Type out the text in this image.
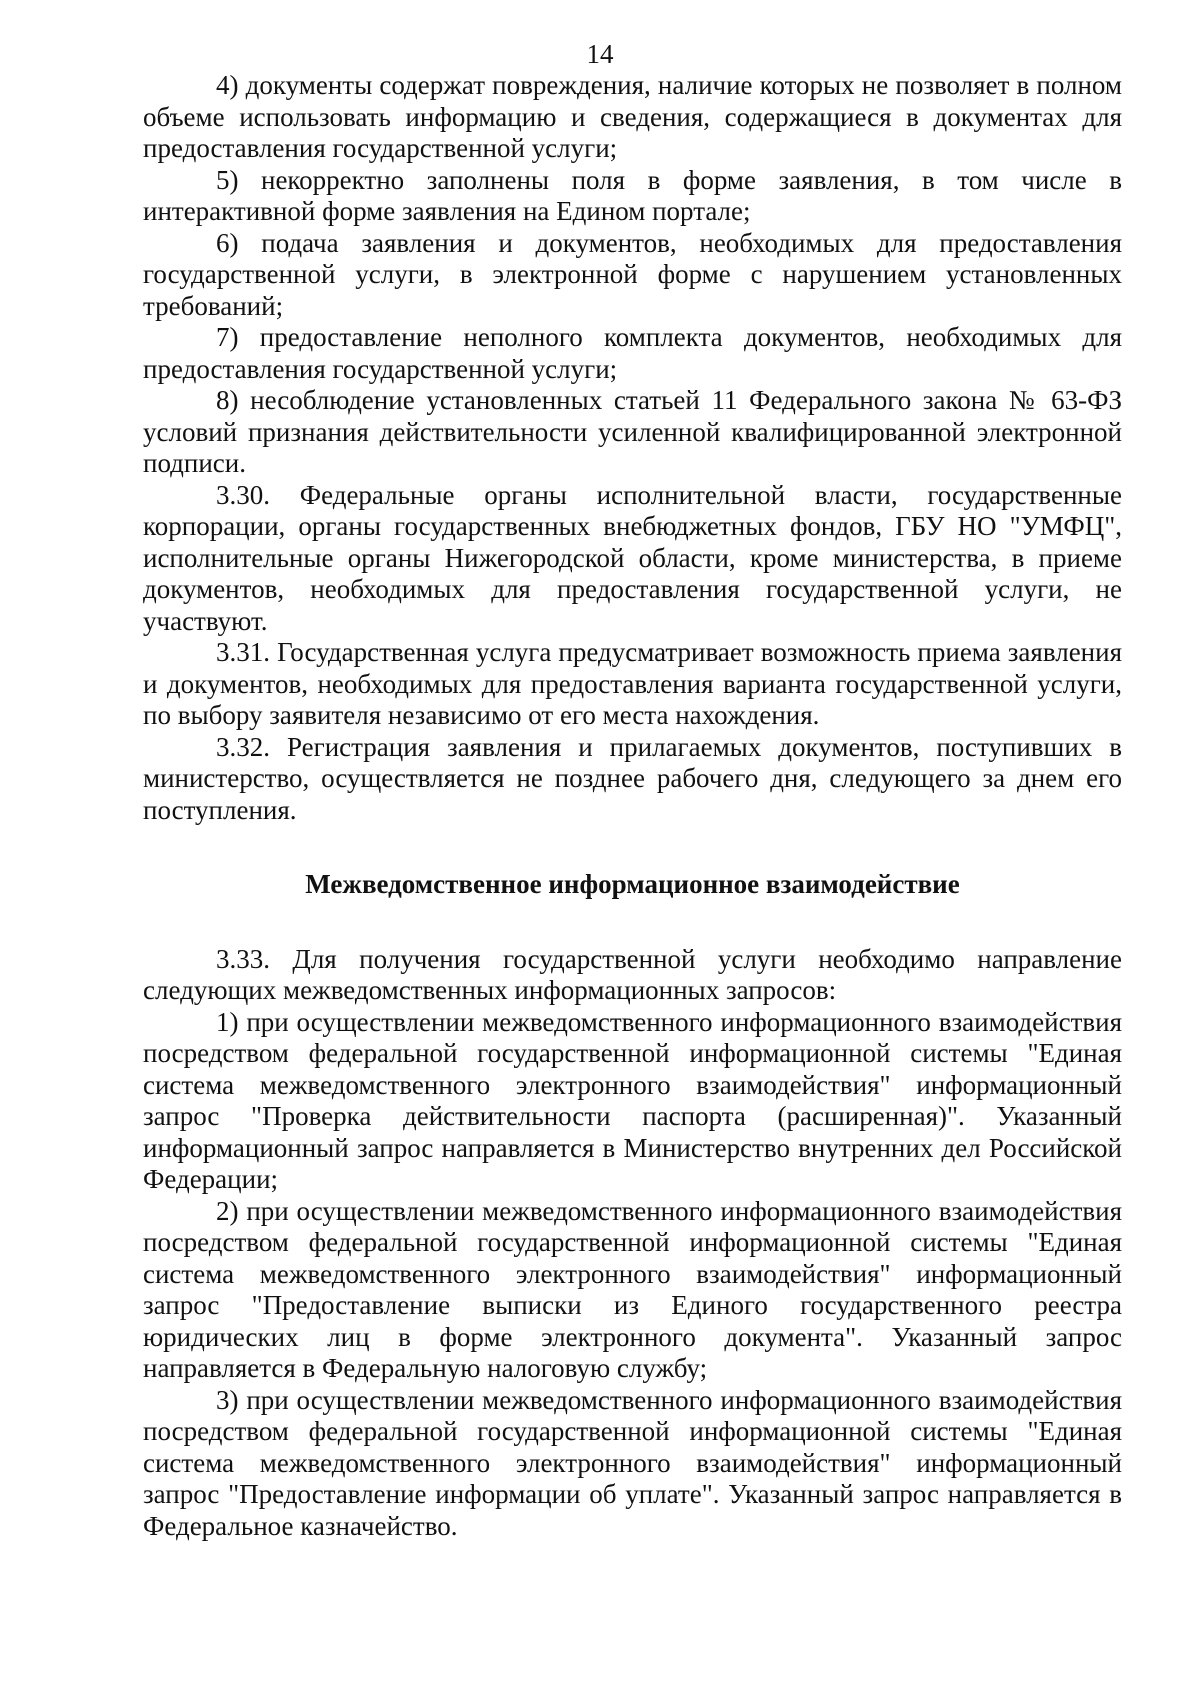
14

4) документы содержат повреждения, наличие которых не позволяет в полном объеме использовать информацию и сведения, содержащиеся в документах для предоставления государственной услуги;

5) некорректно заполнены поля в форме заявления, в том числе в интерактивной форме заявления на Едином портале;

6) подача заявления и документов, необходимых для предоставления государственной услуги, в электронной форме с нарушением установленных требований;

7) предоставление неполного комплекта документов, необходимых для предоставления государственной услуги;

8) несоблюдение установленных статьей 11 Федерального закона № 63-ФЗ условий признания действительности усиленной квалифицированной электронной подписи.

3.30. Федеральные органы исполнительной власти, государственные корпорации, органы государственных внебюджетных фондов, ГБУ НО "УМФЦ", исполнительные органы Нижегородской области, кроме министерства, в приеме документов, необходимых для предоставления государственной услуги, не участвуют.

3.31. Государственная услуга предусматривает возможность приема заявления и документов, необходимых для предоставления варианта государственной услуги, по выбору заявителя независимо от его места нахождения.

3.32. Регистрация заявления и прилагаемых документов, поступивших в министерство, осуществляется не позднее рабочего дня, следующего за днем его поступления.

Межведомственное информационное взаимодействие

3.33. Для получения государственной услуги необходимо направление следующих межведомственных информационных запросов:

1) при осуществлении межведомственного информационного взаимодействия посредством федеральной государственной информационной системы "Единая система межведомственного электронного взаимодействия" информационный запрос "Проверка действительности паспорта (расширенная)". Указанный информационный запрос направляется в Министерство внутренних дел Российской Федерации;

2) при осуществлении межведомственного информационного взаимодействия посредством федеральной государственной информационной системы "Единая система межведомственного электронного взаимодействия" информационный запрос "Предоставление выписки из Единого государственного реестра юридических лиц в форме электронного документа". Указанный запрос направляется в Федеральную налоговую службу;

3) при осуществлении межведомственного информационного взаимодействия посредством федеральной государственной информационной системы "Единая система межведомственного электронного взаимодействия" информационный запрос "Предоставление информации об уплате". Указанный запрос направляется в Федеральное казначейство.
